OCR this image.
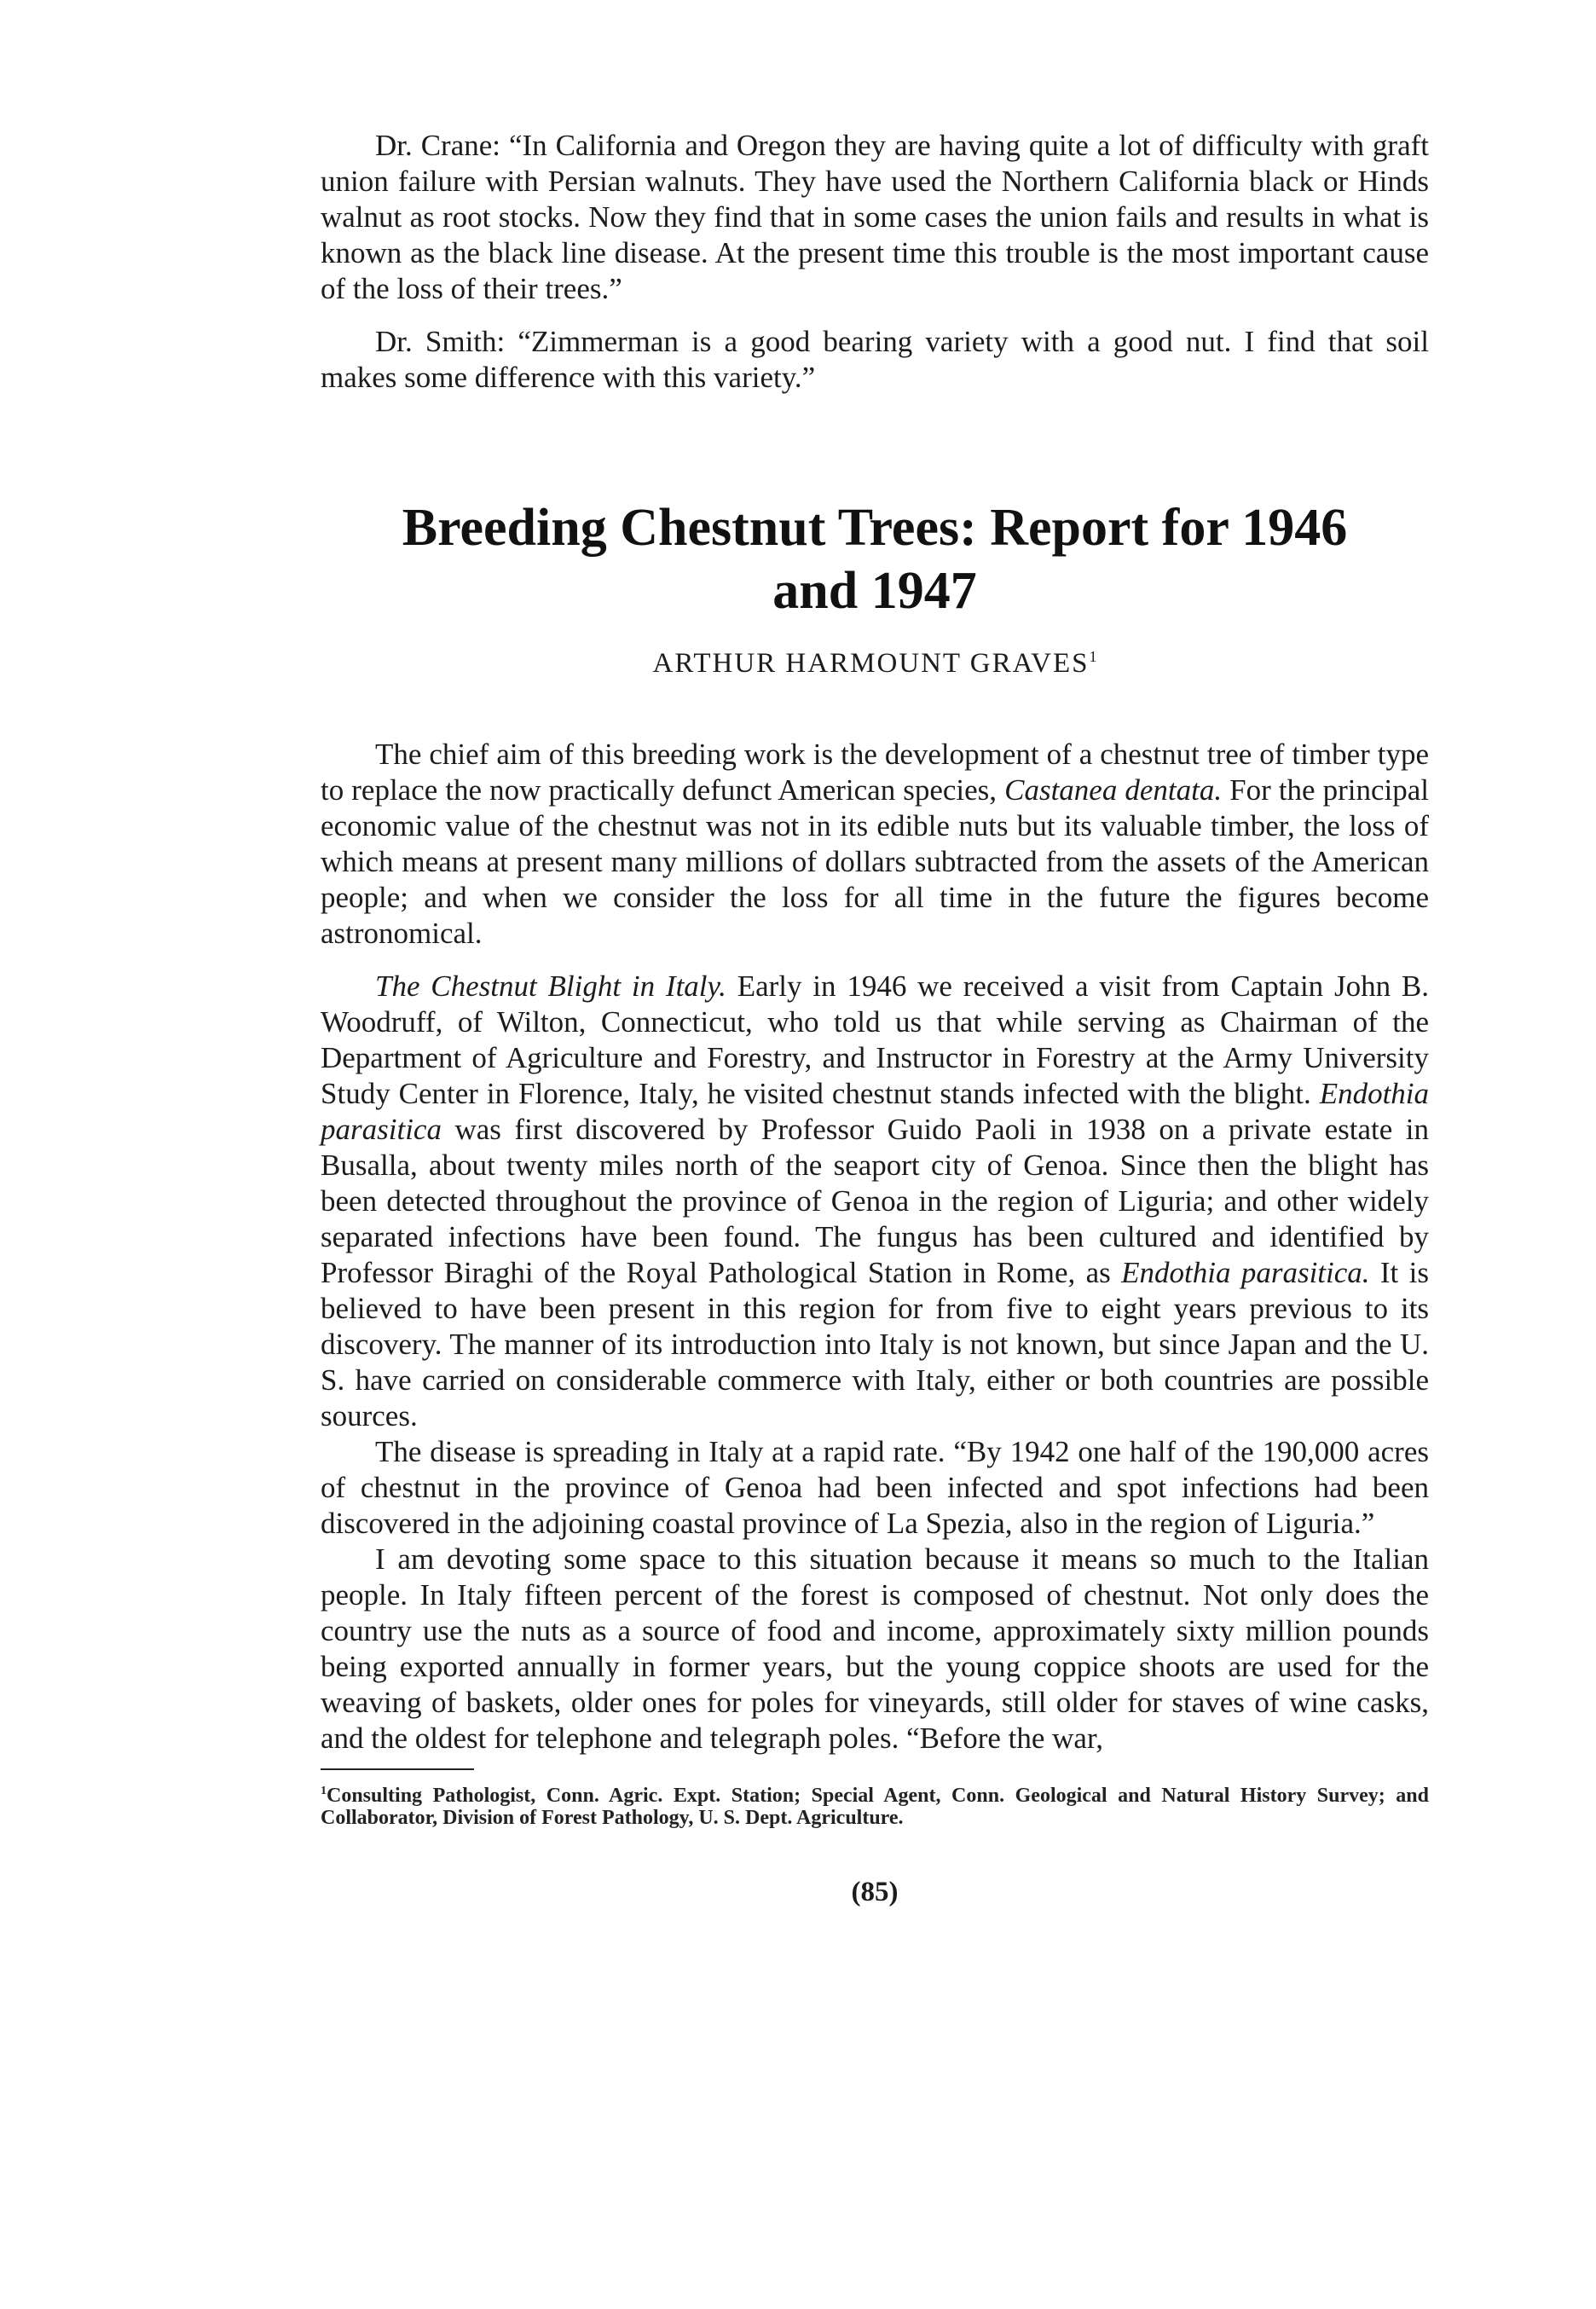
Dr. Crane: “In California and Oregon they are having quite a lot of difficulty with graft union failure with Persian walnuts. They have used the Northern California black or Hinds walnut as root stocks. Now they find that in some cases the union fails and results in what is known as the black line disease. At the present time this trouble is the most important cause of the loss of their trees.”

Dr. Smith: “Zimmerman is a good bearing variety with a good nut. I find that soil makes some difference with this variety.”

Breeding Chestnut Trees: Report for 1946
and 1947
ARTHUR HARMOUNT GRAVES$^1$

The chief aim of this breeding work is the development of a chestnut tree of timber type to replace the now practically defunct American species, Castanea dentata. For the principal economic value of the chestnut was not in its edible nuts but its valuable timber, the loss of which means at present many millions of dollars subtracted from the assets of the American people; and when we consider the loss for all time in the future the figures become astronomical.

The Chestnut Blight in Italy. Early in 1946 we received a visit from Captain John B. Woodruff, of Wilton, Connecticut, who told us that while serving as Chairman of the Department of Agriculture and Forestry, and Instructor in Forestry at the Army University Study Center in Florence, Italy, he visited chestnut stands infected with the blight. Endothia parasitica was first discovered by Professor Guido Paoli in 1938 on a private estate in Busalla, about twenty miles north of the seaport city of Genoa. Since then the blight has been detected throughout the province of Genoa in the region of Liguria; and other widely separated infections have been found. The fungus has been cultured and identified by Professor Biraghi of the Royal Pathological Station in Rome, as Endothia parasitica. It is believed to have been present in this region for from five to eight years previous to its discovery. The manner of its introduction into Italy is not known, but since Japan and the U. S. have carried on considerable commerce with Italy, either or both countries are possible sources.

The disease is spreading in Italy at a rapid rate. “By 1942 one half of the 190,000 acres of chestnut in the province of Genoa had been infected and spot infections had been discovered in the adjoining coastal province of La Spezia, also in the region of Liguria.”

I am devoting some space to this situation because it means so much to the Italian people. In Italy fifteen percent of the forest is composed of chestnut. Not only does the country use the nuts as a source of food and income, approximately sixty million pounds being exported annually in former years, but the young coppice shoots are used for the weaving of baskets, older ones for poles for vineyards, still older for staves of wine casks, and the oldest for telephone and telegraph poles. “Before the war,

$^1$Consulting Pathologist, Conn. Agric. Expt. Station; Special Agent, Conn. Geological and Natural History Survey; and Collaborator, Division of Forest Pathology, U. S. Dept. Agriculture.

(85)
